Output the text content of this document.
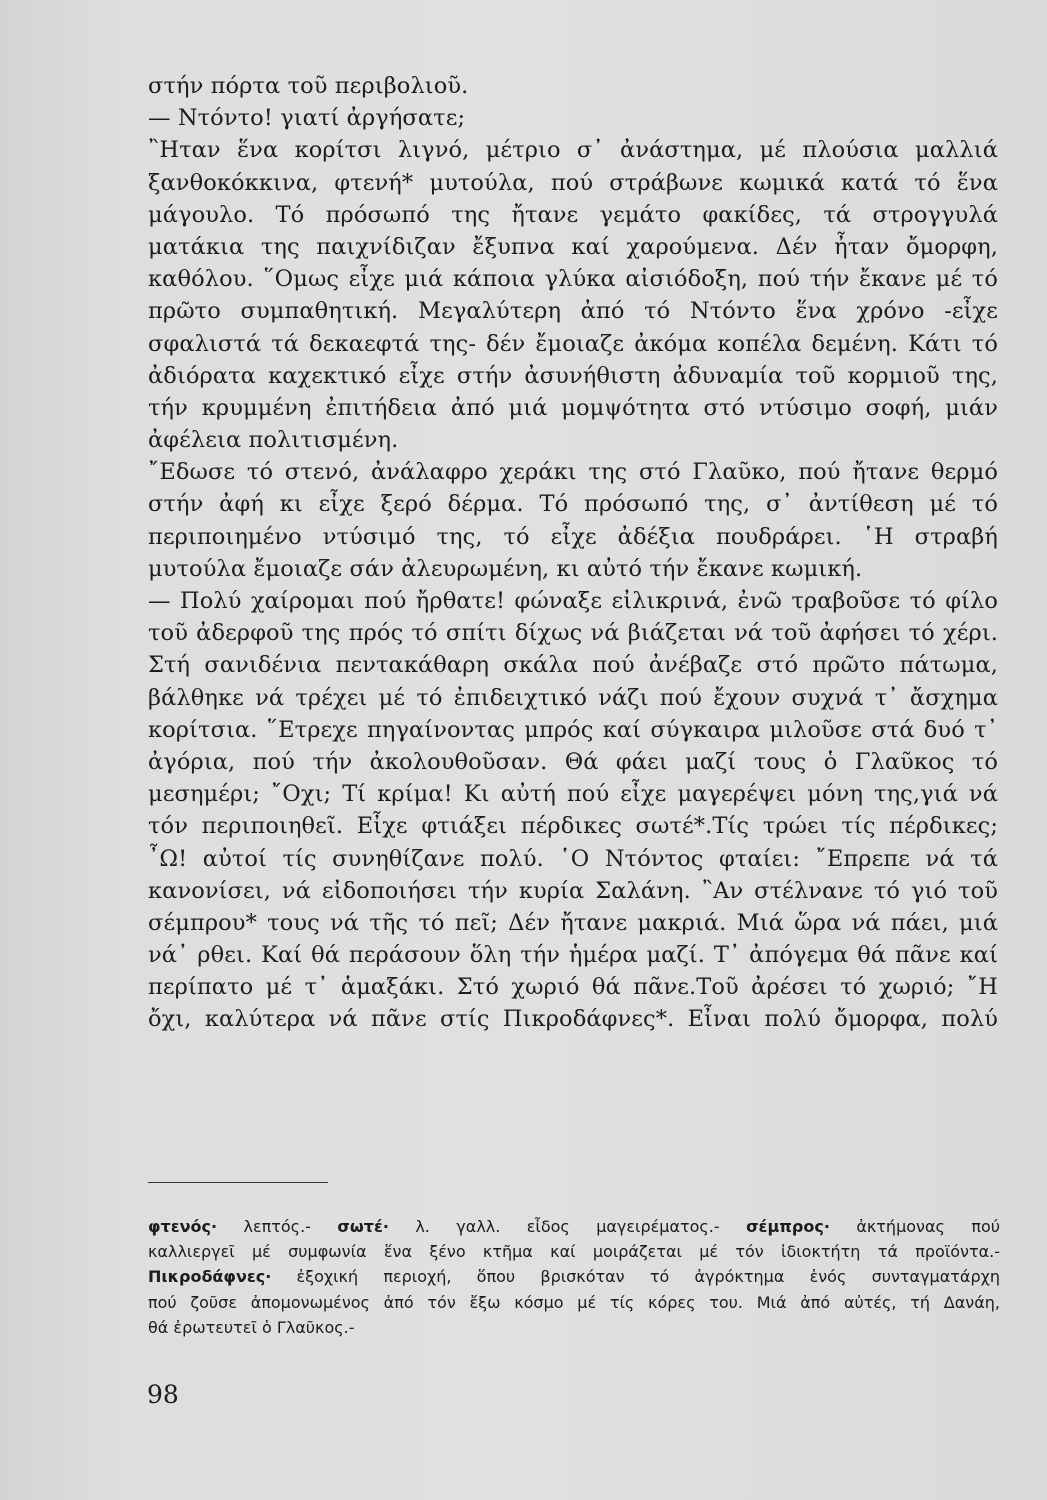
στήν πόρτα τοῦ περιβολιοῦ.
— Ντόντο! γιατί ἀργήσατε;
῍Ηταν ἕνα κορίτσι λιγνό, μέτριο σ᾽ ἀνάστημα, μέ πλούσια μαλλιά
ξανθοκόκκινα, φτενή* μυτούλα, πού στράβωνε κωμικά κατά τό ἕνα
μάγουλο. Τό πρόσωπό της ἤτανε γεμάτο φακίδες, τά στρογγυλά
ματάκια της παιχνίδιζαν ἔξυπνα καί χαρούμενα. Δέν ἦταν ὄμορφη,
καθόλου. ῞Ομως εἶχε μιά κάποια γλύκα αἰσιόδοξη, πού τήν ἔκανε μέ τό
πρῶτο συμπαθητική. Μεγαλύτερη ἀπό τό Ντόντο ἕνα χρόνο -εἶχε
σφαλιστά τά δεκαεφτά της- δέν ἔμοιαζε ἀκόμα κοπέλα δεμένη. Κάτι τό
ἀδιόρατα καχεκτικό εἶχε στήν ἀσυνήθιστη ἀδυναμία τοῦ κορμιοῦ της,
τήν κρυμμένη ἐπιτήδεια ἀπό μιά μομψότητα στό ντύσιμο σοφή, μιάν
ἀφέλεια πολιτισμένη.
῎Εδωσε τό στενό, ἀνάλαφρο χεράκι της στό Γλαῦκο, πού ἤτανε θερμό
στήν ἀφή κι εἶχε ξερό δέρμα. Τό πρόσωπό της, σ᾽ ἀντίθεση μέ τό
περιποιημένο ντύσιμό της, τό εἶχε ἀδέξια πουδράρει. ῾Η στραβή
μυτούλα ἔμοιαζε σάν ἀλευρωμένη, κι αὐτό τήν ἔκανε κωμική.
— Πολύ χαίρομαι πού ἤρθατε! φώναξε εἰλικρινά, ἐνῶ τραβοῦσε τό φίλο
τοῦ ἀδερφοῦ της πρός τό σπίτι δίχως νά βιάζεται νά τοῦ ἀφήσει τό χέρι.
Στή σανιδένια πεντακάθαρη σκάλα πού ἀνέβαζε στό πρῶτο πάτωμα,
βάλθηκε νά τρέχει μέ τό ἐπιδειχτικό νάζι πού ἔχουν συχνά τ᾽ ἄσχημα
κορίτσια. ῞Ετρεχε πηγαίνοντας μπρός καί σύγκαιρα μιλοῦσε στά δυό τ᾽
ἀγόρια, πού τήν ἀκολουθοῦσαν. Θά φάει μαζί τους ὁ Γλαῦκος τό
μεσημέρι; ῎Οχι; Τί κρίμα! Κι αὐτή πού εἶχε μαγερέψει μόνη της,γιά νά
τόν περιποιηθεῖ. Εἶχε φτιάξει πέρδικες σωτέ*.Τίς τρώει τίς πέρδικες;
῏Ω! αὐτοί τίς συνηθίζανε πολύ. ῾Ο Ντόντος φταίει: ῎Επρεπε νά τά
κανονίσει, νά εἰδοποιήσει τήν κυρία Σαλάνη. ῍Αν στέλνανε τό γιό τοῦ
σέμπρου* τους νά τῆς τό πεῖ; Δέν ἤτανε μακριά. Μιά ὥρα νά πάει, μιά
νά᾽ ρθει. Καί θά περάσουν ὅλη τήν ἡμέρα μαζί. Τ᾽ ἀπόγεμα θά πᾶνε καί
περίπατο μέ τ᾽ ἁμαξάκι. Στό χωριό θά πᾶνε.Τοῦ ἀρέσει τό χωριό; ῎Η
ὄχι, καλύτερα νά πᾶνε στίς Πικροδάφνες*. Εἶναι πολύ ὄμορφα, πολύ
φτενός· λεπτός.- σωτέ· λ. γαλλ. εἶδος μαγειρέματος.- σέμπρος· ἀκτήμονας πού
καλλιεργεῖ μέ συμφωνία ἕνα ξένο κτῆμα καί μοιράζεται μέ τόν ἰδιοκτήτη τά προϊόντα.-
Πικροδάφνες· ἐξοχική περιοχή, ὅπου βρισκόταν τό ἀγρόκτημα ἑνός συνταγματάρχη
πού ζοῦσε ἀπομονωμένος ἀπό τόν ἔξω κόσμο μέ τίς κόρες του. Μιά ἀπό αὐτές, τή Δανάη,
θά ἐρωτευτεῖ ὁ Γλαῦκος.-
98
